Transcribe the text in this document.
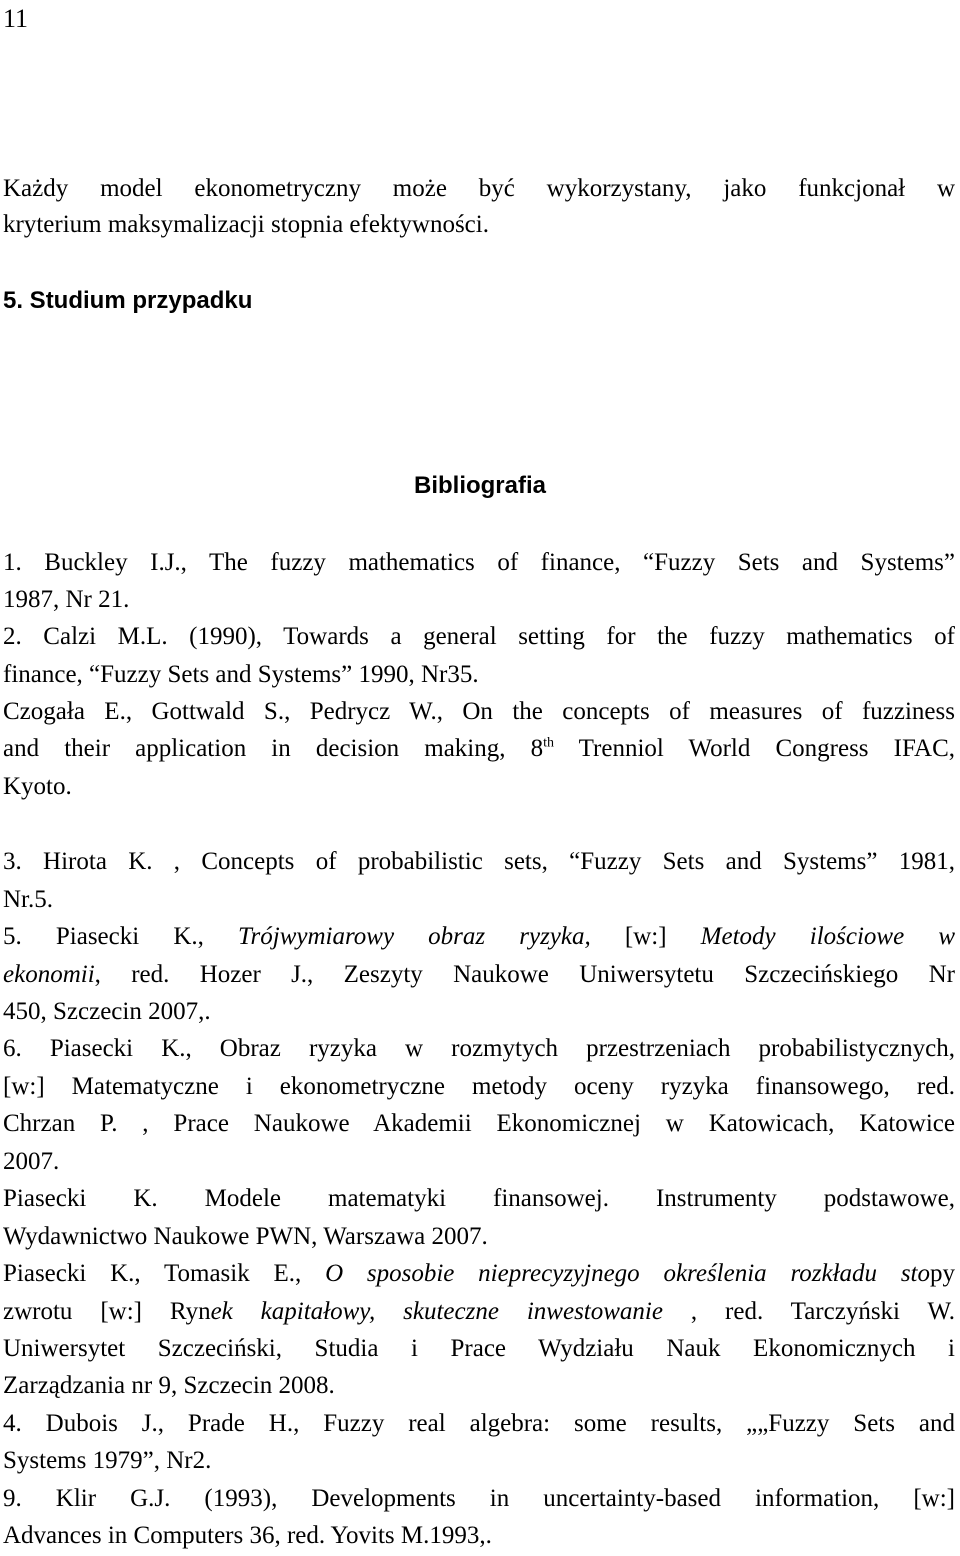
11
Każdy model ekonometryczny może być wykorzystany, jako funkcjonał w
kryterium maksymalizacji stopnia efektywności.
5. Studium przypadku
Bibliografia
1. Buckley I.J., The fuzzy mathematics of finance, “Fuzzy Sets and Systems”
1987, Nr 21.
2. Calzi M.L. (1990), Towards a general setting for the fuzzy mathematics of
finance, “Fuzzy Sets and Systems” 1990, Nr35.
Czogała E., Gottwald S., Pedrycz W., On the concepts of measures of fuzziness
and their application in decision making, 8th Trenniol World Congress IFAC,
Kyoto.
3. Hirota K. , Concepts of probabilistic sets, “Fuzzy Sets and Systems” 1981,
Nr.5.
5. Piasecki K., Trójwymiarowy obraz ryzyka, [w:] Metody ilościowe w
ekonomii, red. Hozer J., Zeszyty Naukowe Uniwersytetu Szczecińskiego Nr
450, Szczecin 2007,.
6. Piasecki K., Obraz ryzyka w rozmytych przestrzeniach probabilistycznych,
[w:] Matematyczne i ekonometryczne metody oceny ryzyka finansowego, red.
Chrzan P. , Prace Naukowe Akademii Ekonomicznej w Katowicach, Katowice
2007.
Piasecki K. Modele matematyki finansowej. Instrumenty podstawowe,
Wydawnictwo Naukowe PWN, Warszawa 2007.
Piasecki K., Tomasik E., O sposobie nieprecyzyjnego określenia rozkładu stopy
zwrotu [w:] Rynek kapitałowy, skuteczne inwestowanie , red. Tarczyński W.
Uniwersytet Szczeciński, Studia i Prace Wydziału Nauk Ekonomicznych i
Zarządzania nr 9, Szczecin 2008.
4. Dubois J., Prade H., Fuzzy real algebra: some results, „„Fuzzy Sets and
Systems 1979”, Nr2.
9. Klir G.J. (1993), Developments in uncertainty-based information, [w:]
Advances in Computers 36, red. Yovits M.1993,.
